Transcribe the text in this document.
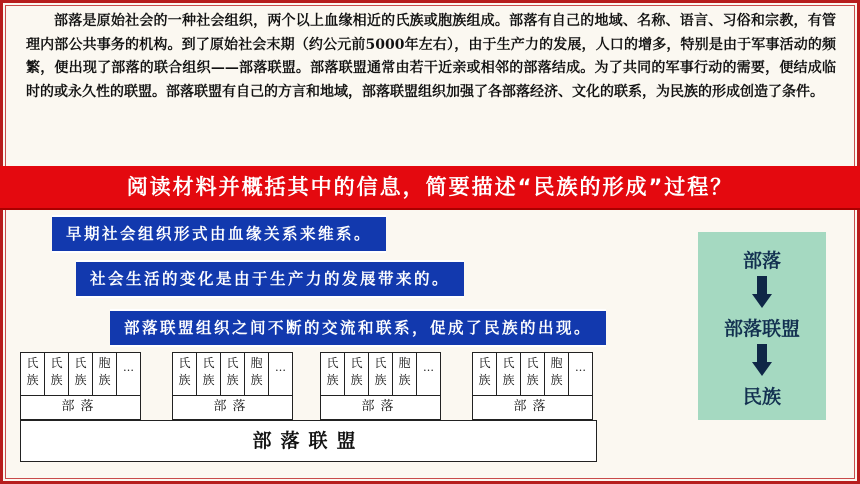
部落是原始社会的一种社会组织，两个以上血缘相近的氏族或胞族组成。部落有自己的地域、名称、语言、习俗和宗教，有管理内部公共事务的机构。到了原始社会末期（约公元前5000年左右），由于生产力的发展，人口的增多，特别是由于军事活动的频繁，便出现了部落的联合组织——部落联盟。部落联盟通常由若干近亲或相邻的部落结成。为了共同的军事行动的需要，便结成临时的或永久性的联盟。部落联盟有自己的方言和地域，部落联盟组织加强了各部落经济、文化的联系，为民族的形成创造了条件。

阅读材料并概括其中的信息，简要描述“民族的形成”过程？
早期社会组织形式由血缘关系来维系。
社会生活的变化是由于生产力的发展带来的。
部落联盟组织之间不断的交流和联系，促成了民族的出现。
部落
部落联盟
民族
氏
族
氏
族
氏
族
胞
族
…
部落
氏
族
氏
族
氏
族
胞
族
…
部落
氏
族
氏
族
氏
族
胞
族
…
部落
氏
族
氏
族
氏
族
胞
族
…
部落
部落联盟
